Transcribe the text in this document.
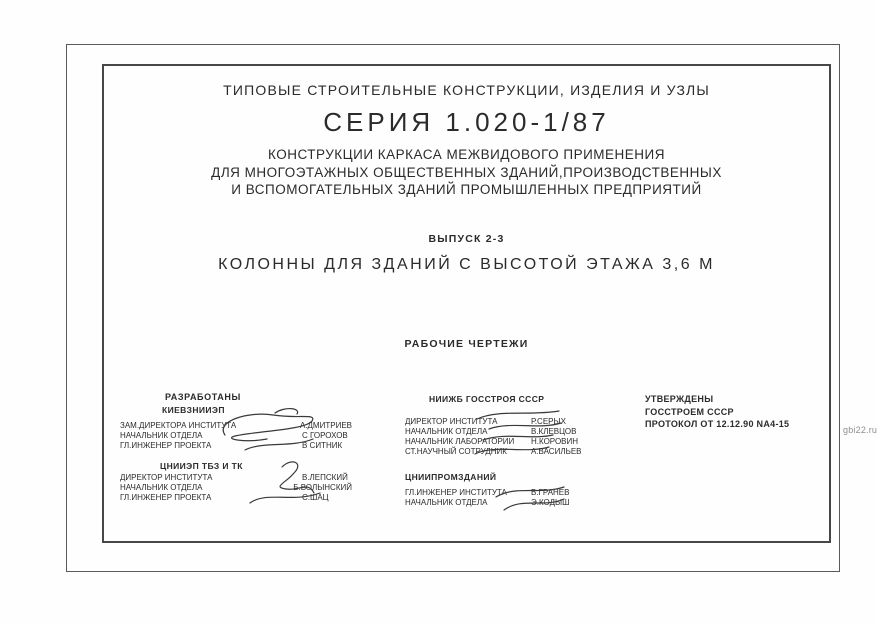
ТИПОВЫЕ СТРОИТЕЛЬНЫЕ КОНСТРУКЦИИ, ИЗДЕЛИЯ И УЗЛЫ
СЕРИЯ 1.020-1/87
КОНСТРУКЦИИ КАРКАСА МЕЖВИДОВОГО ПРИМЕНЕНИЯ
ДЛЯ МНОГОЭТАЖНЫХ ОБЩЕСТВЕННЫХ ЗДАНИЙ,ПРОИЗВОДСТВЕННЫХ
И ВСПОМОГАТЕЛЬНЫХ ЗДАНИЙ ПРОМЫШЛЕННЫХ ПРЕДПРИЯТИЙ
ВЫПУСК 2-3
КОЛОННЫ ДЛЯ ЗДАНИЙ С ВЫСОТОЙ ЭТАЖА 3,6 М
РАБОЧИЕ ЧЕРТЕЖИ
РАЗРАБОТАНЫ
КИЕВЗНИИЭП
ЗАМ.ДИРЕКТОРА ИНСТИТУТА	А.ДМИТРИЕВ
НАЧАЛЬНИК ОТДЕЛА	С ГОРОХОВ
ГЛ.ИНЖЕНЕР ПРОЕКТА	В СИТНИК
ЦНИИЭП ТБЗ И ТК
ДИРЕКТОР ИНСТИТУТА	В.ЛЕПСКИЙ
НАЧАЛЬНИК ОТДЕЛА	Б.ВОЛЫНСКИЙ
ГЛ.ИНЖЕНЕР ПРОЕКТА	С.ШАЦ
НИИЖБ ГОССТРОЯ СССР
ДИРЕКТОР ИНСТИТУТА	Р.СЕРЫХ
НАЧАЛЬНИК ОТДЕЛА	В.КЛЕВЦОВ
НАЧАЛЬНИК ЛАБОРАТОРИИ	Н.КОРОВИН
СТ.НАУЧНЫЙ СОТРУДНИК	А.ВАСИЛЬЕВ
ЦНИИПРОМЗДАНИЙ
ГЛ.ИНЖЕНЕР ИНСТИТУТА	В.ГРАНЕВ
НАЧАЛЬНИК ОТДЕЛА	Э.КОДЫШ
УТВЕРЖДЕНЫ
ГОССТРОЕМ СССР
ПРОТОКОЛ ОТ 12.12.90 NА4-15
gbi22.ru
